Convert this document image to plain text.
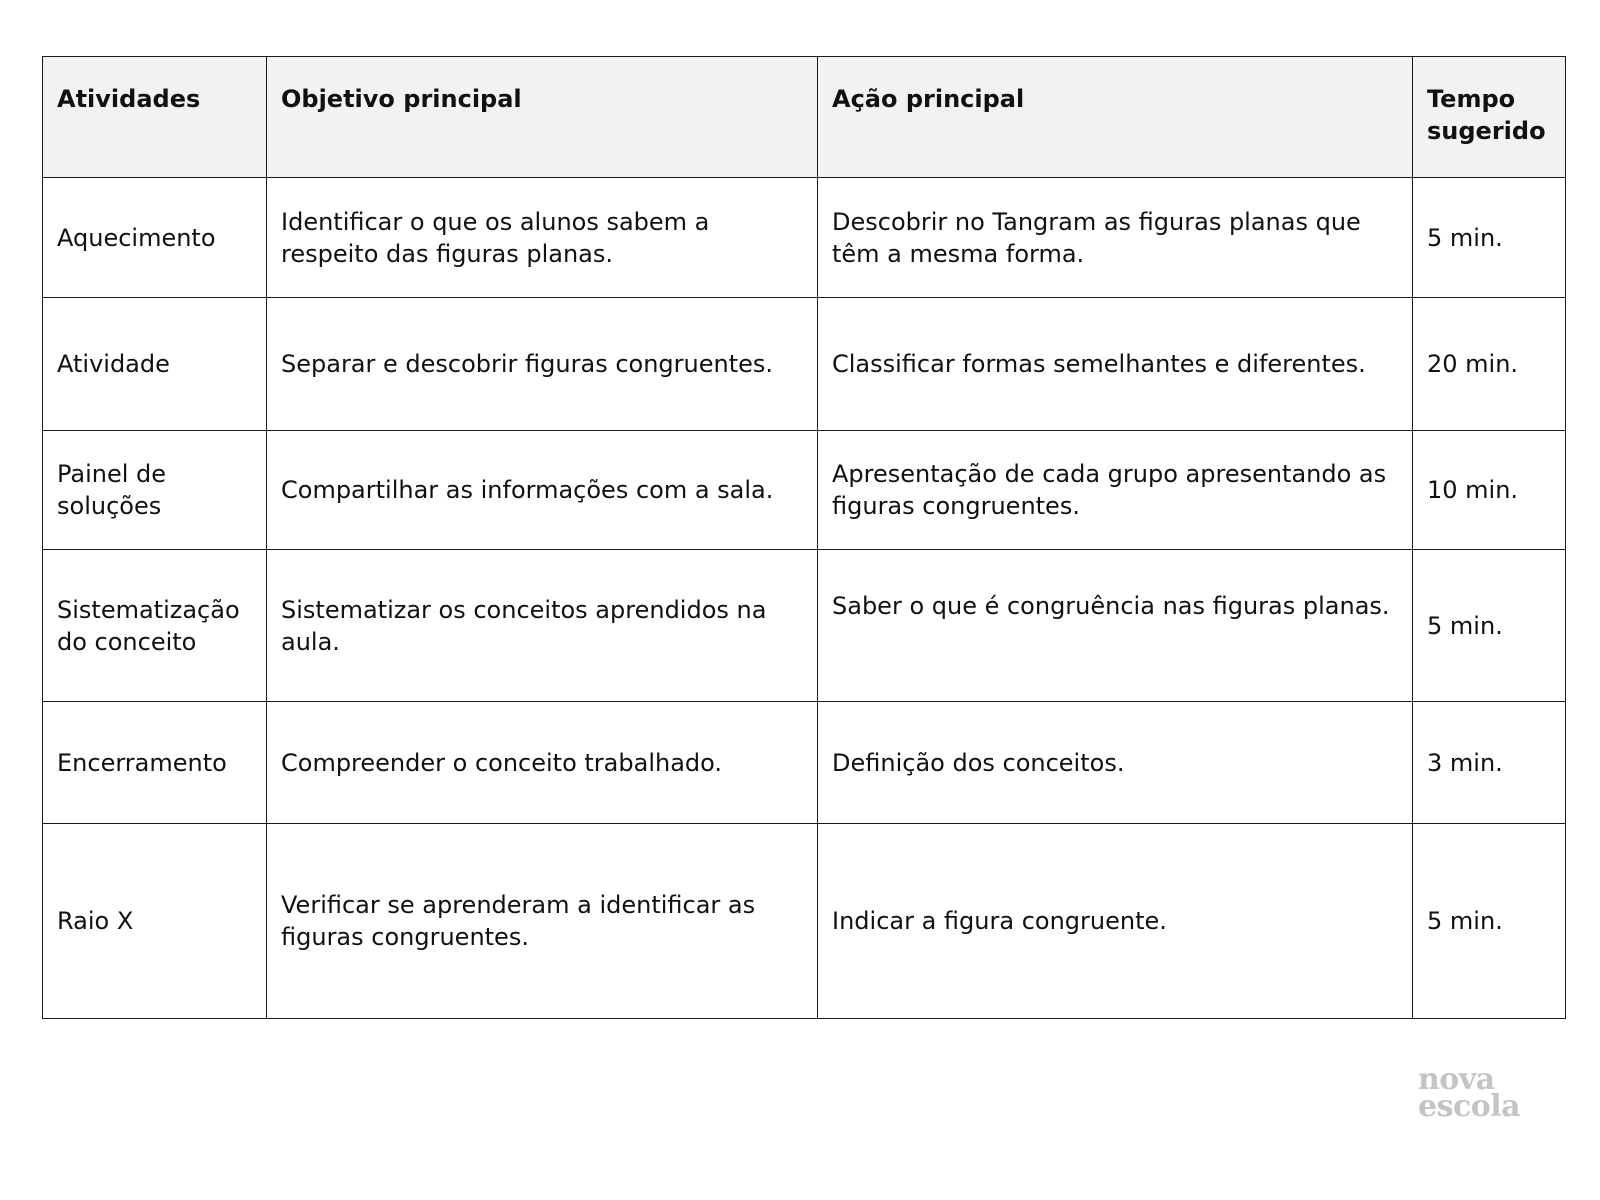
Atividades	Objetivo principal	Ação principal	Tempo sugerido
Aquecimento	Identificar o que os alunos sabem a respeito das figuras planas.	Descobrir no Tangram as figuras planas que têm a mesma forma.	5 min.
Atividade	Separar e descobrir figuras congruentes.	Classificar formas semelhantes e diferentes.	20 min.
Painel de soluções	Compartilhar as informações com a sala.	Apresentação de cada grupo apresentando as figuras congruentes.	10 min.
Sistematização do conceito	Sistematizar os conceitos aprendidos na aula.	Saber o que é congruência nas figuras planas.	5 min.
Encerramento	Compreender o conceito trabalhado.	Definição dos conceitos.	3 min.
Raio X	Verificar se aprenderam a identificar as figuras congruentes.	Indicar a figura congruente.	5 min.
nova
escola
